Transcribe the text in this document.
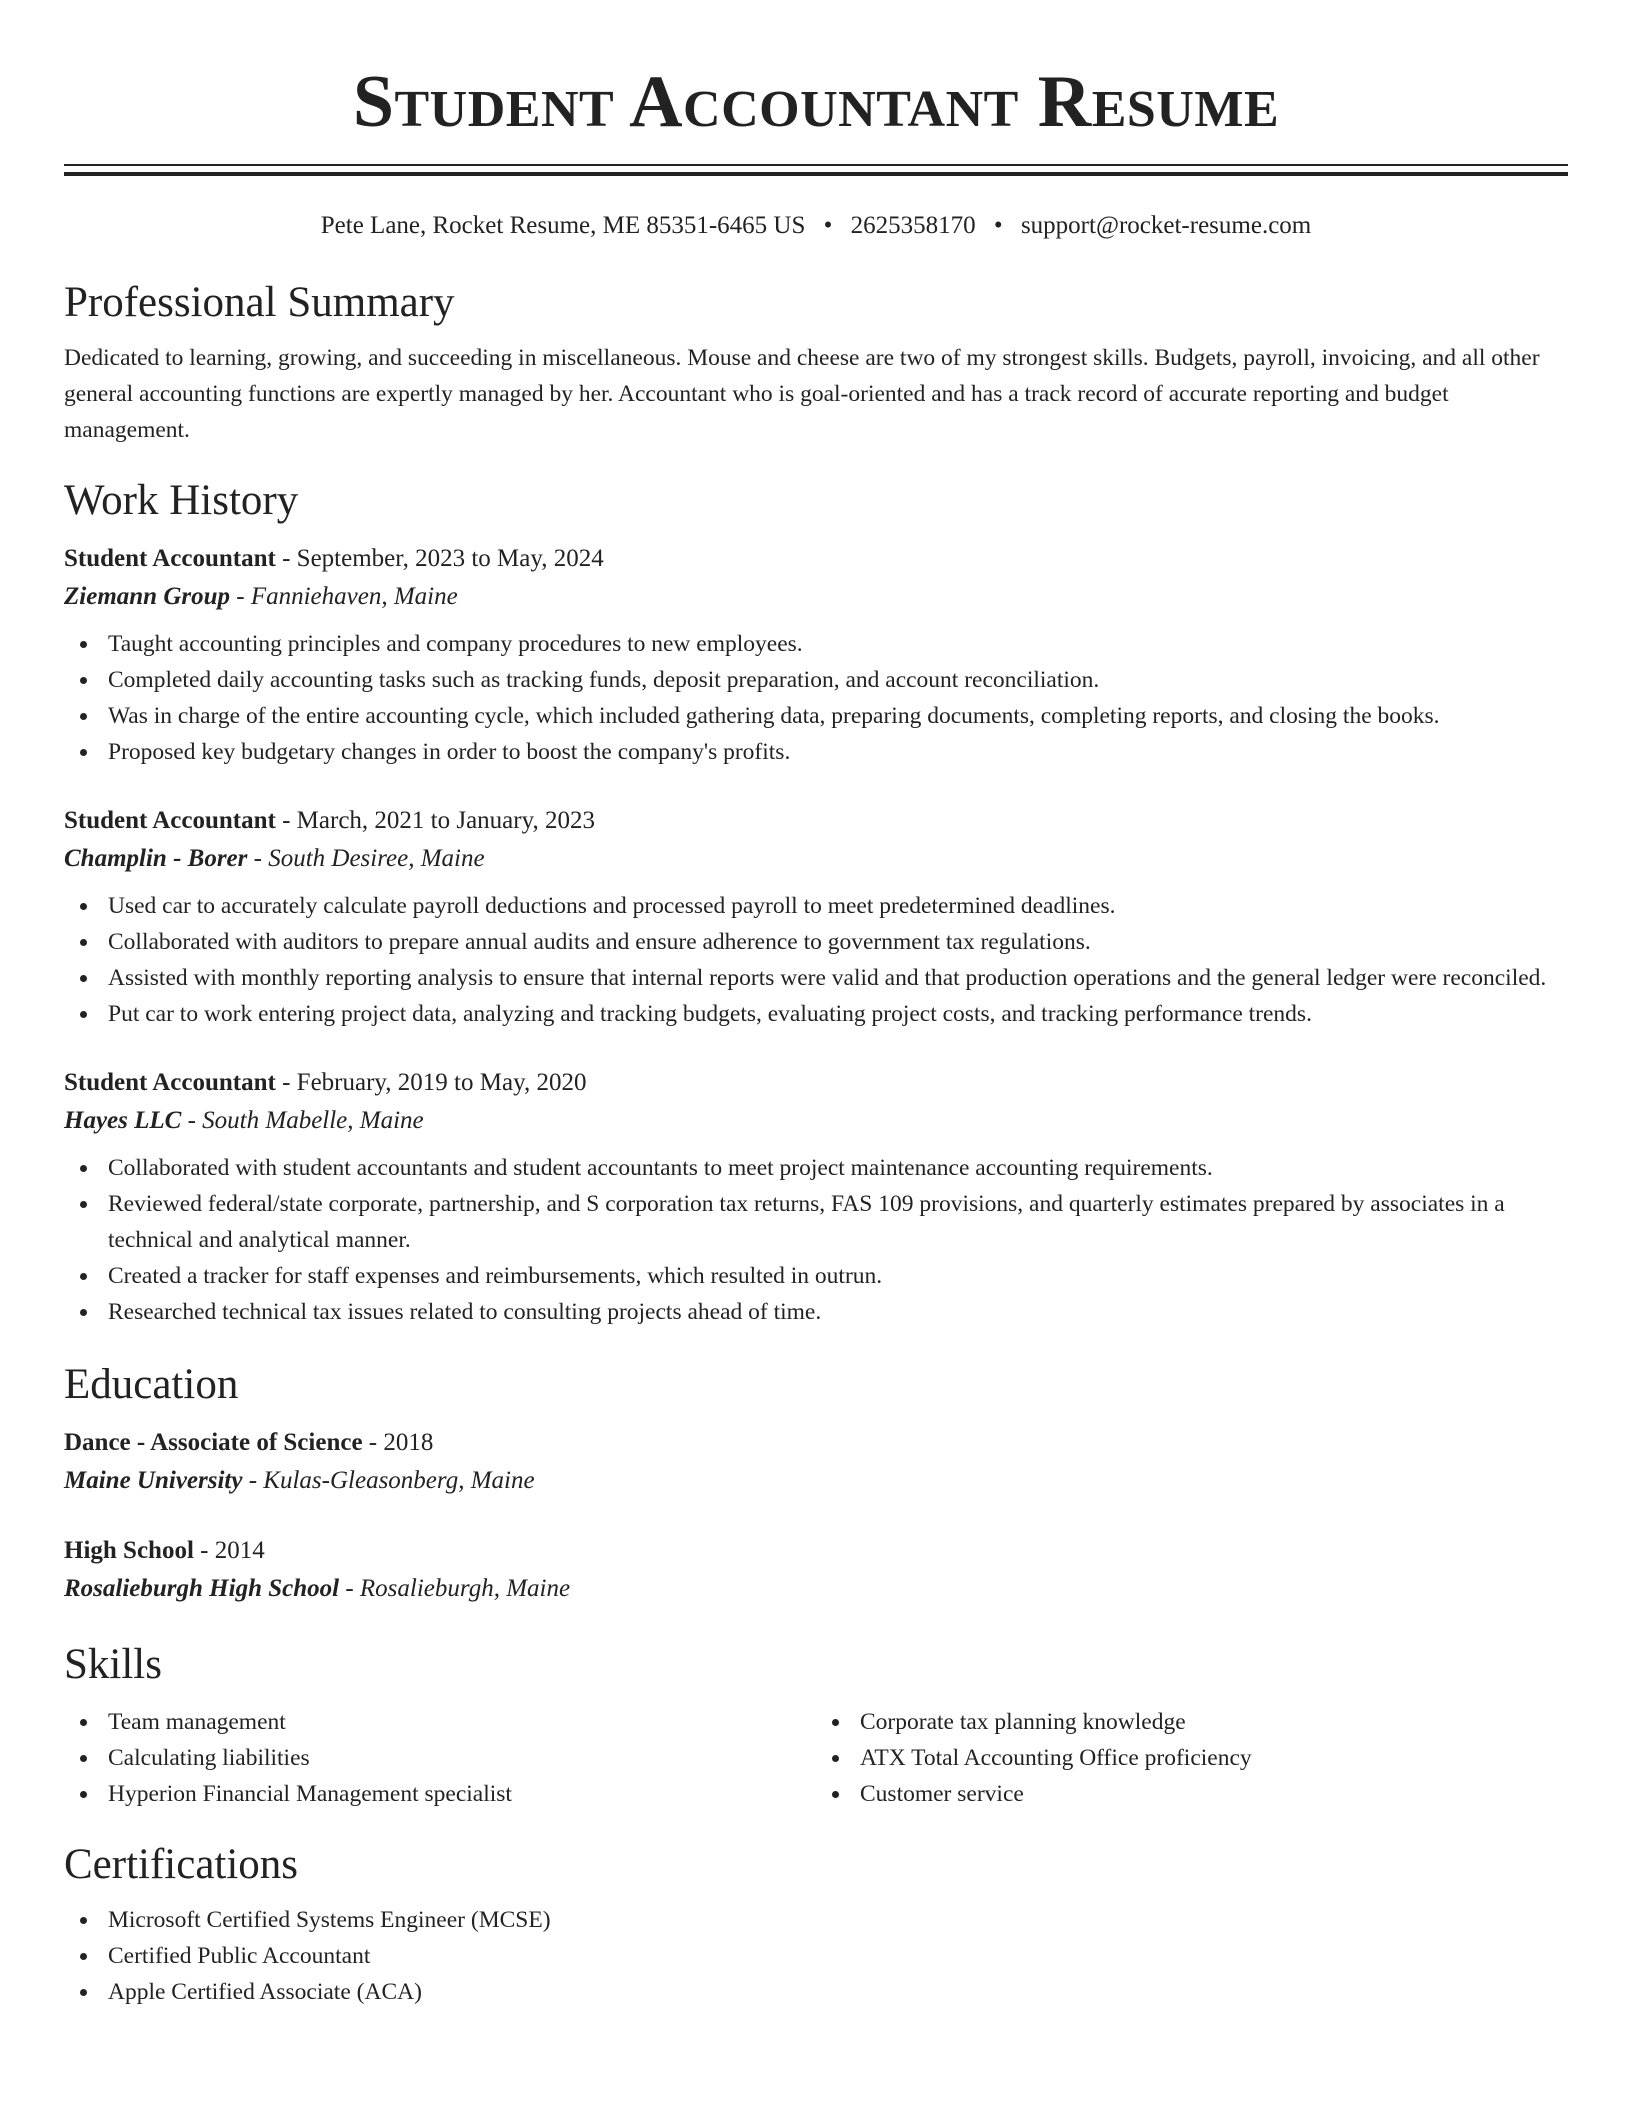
Student Accountant Resume
Pete Lane, Rocket Resume, ME 85351-6465 US • 2625358170 • support@rocket-resume.com
Professional Summary
Dedicated to learning, growing, and succeeding in miscellaneous. Mouse and cheese are two of my strongest skills. Budgets, payroll, invoicing, and all other general accounting functions are expertly managed by her. Accountant who is goal-oriented and has a track record of accurate reporting and budget management.
Work History
Student Accountant - September, 2023 to May, 2024
Ziemann Group - Fanniehaven, Maine
Taught accounting principles and company procedures to new employees.
Completed daily accounting tasks such as tracking funds, deposit preparation, and account reconciliation.
Was in charge of the entire accounting cycle, which included gathering data, preparing documents, completing reports, and closing the books.
Proposed key budgetary changes in order to boost the company's profits.
Student Accountant - March, 2021 to January, 2023
Champlin - Borer - South Desiree, Maine
Used car to accurately calculate payroll deductions and processed payroll to meet predetermined deadlines.
Collaborated with auditors to prepare annual audits and ensure adherence to government tax regulations.
Assisted with monthly reporting analysis to ensure that internal reports were valid and that production operations and the general ledger were reconciled.
Put car to work entering project data, analyzing and tracking budgets, evaluating project costs, and tracking performance trends.
Student Accountant - February, 2019 to May, 2020
Hayes LLC - South Mabelle, Maine
Collaborated with student accountants and student accountants to meet project maintenance accounting requirements.
Reviewed federal/state corporate, partnership, and S corporation tax returns, FAS 109 provisions, and quarterly estimates prepared by associates in a technical and analytical manner.
Created a tracker for staff expenses and reimbursements, which resulted in outrun.
Researched technical tax issues related to consulting projects ahead of time.
Education
Dance - Associate of Science - 2018
Maine University - Kulas-Gleasonberg, Maine
High School - 2014
Rosalieburgh High School - Rosalieburgh, Maine
Skills
Team management
Calculating liabilities
Hyperion Financial Management specialist
Corporate tax planning knowledge
ATX Total Accounting Office proficiency
Customer service
Certifications
Microsoft Certified Systems Engineer (MCSE)
Certified Public Accountant
Apple Certified Associate (ACA)
